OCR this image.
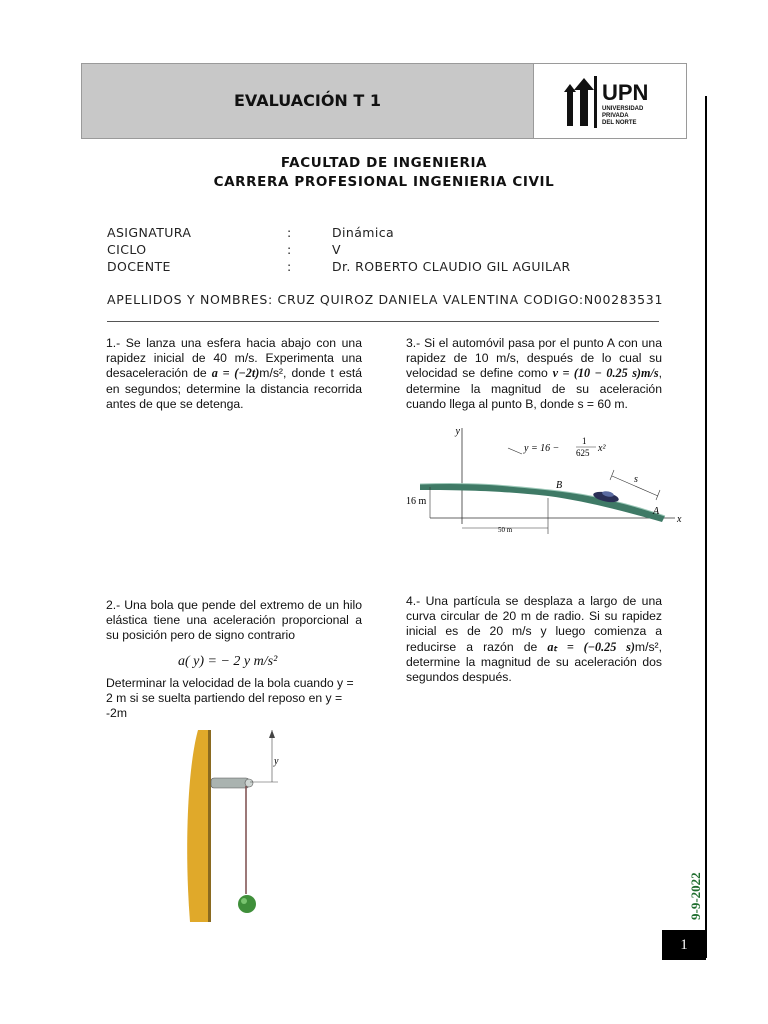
EVALUACIÓN T 1	UPN
UNIVERSIDAD
PRIVADA
DEL NORTE
FACULTAD DE INGENIERIA
CARRERA PROFESIONAL INGENIERIA CIVIL
ASIGNATURA	:	Dinámica
CICLO	:	V
DOCENTE	:	Dr. ROBERTO CLAUDIO GIL AGUILAR
APELLIDOS Y NOMBRES: CRUZ QUIROZ DANIELA VALENTINA CODIGO:N00283531
1.- Se lanza una esfera hacia abajo con una rapidez inicial de 40 m/s. Experimenta una desaceleración de a = (−2t)m/s², donde t está en segundos; determine la distancia recorrida antes de que se detenga.
3.- Si el automóvil pasa por el punto A con una rapidez de 10 m/s, después de lo cual su velocidad se define como v = (10 − 0.25 s)m/s, determine la magnitud de su aceleración cuando llega al punto B, donde s = 60 m.
y
x
16 m
50 m
y = 16 −
1
625 x²
B
A
s
2.- Una bola que pende del extremo de un hilo elástica tiene una aceleración proporcional a su posición pero de signo contrario
a( y) = − 2 y m/s²
Determinar la velocidad de la bola cuando y = 2 m si se suelta partiendo del reposo en y = -2m
y
4.- Una partícula se desplaza a largo de una curva circular de 20 m de radio. Si su rapidez inicial es de 20 m/s y luego comienza a reducirse a razón de aₜ = (−0.25 s)m/s², determine la magnitud de su aceleración dos segundos después.
9-9-2022
1
